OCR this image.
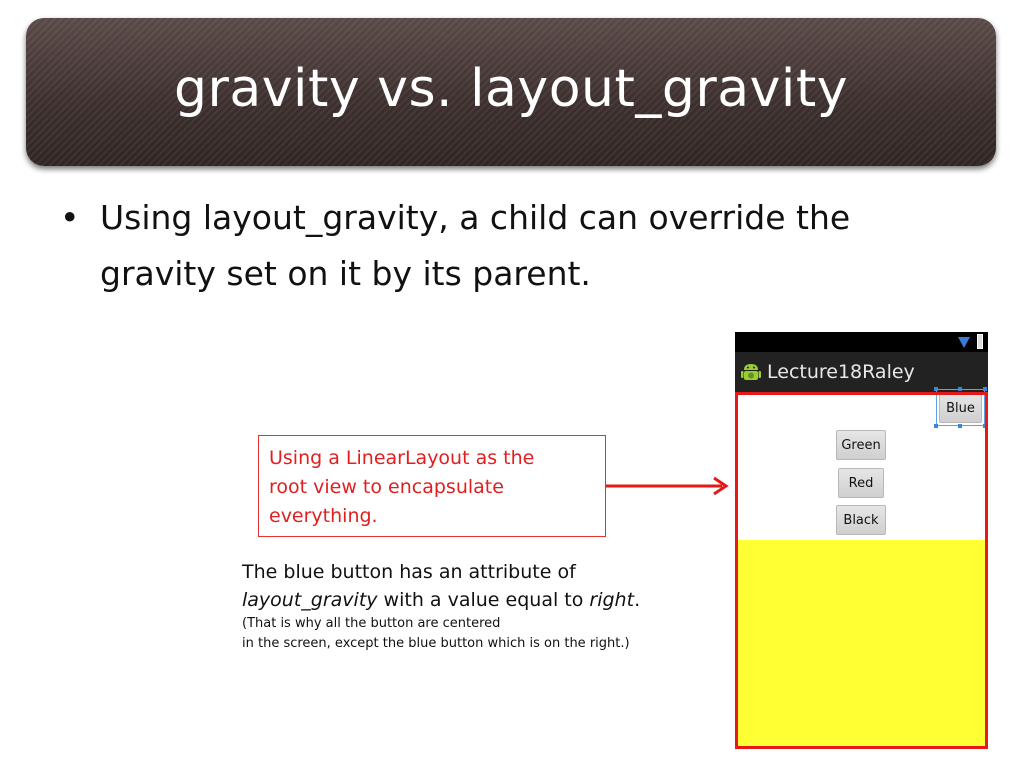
gravity vs. layout_gravity
• Using layout_gravity, a child can override the
gravity set on it by its parent.
Using a LinearLayout as the
root view to encapsulate
everything.
The blue button has an attribute of
layout_gravity with a value equal to right.
(That is why all the button are centered
in the screen, except the blue button which is on the right.)
Lecture18Raley
Blue
Green
Red
Black
